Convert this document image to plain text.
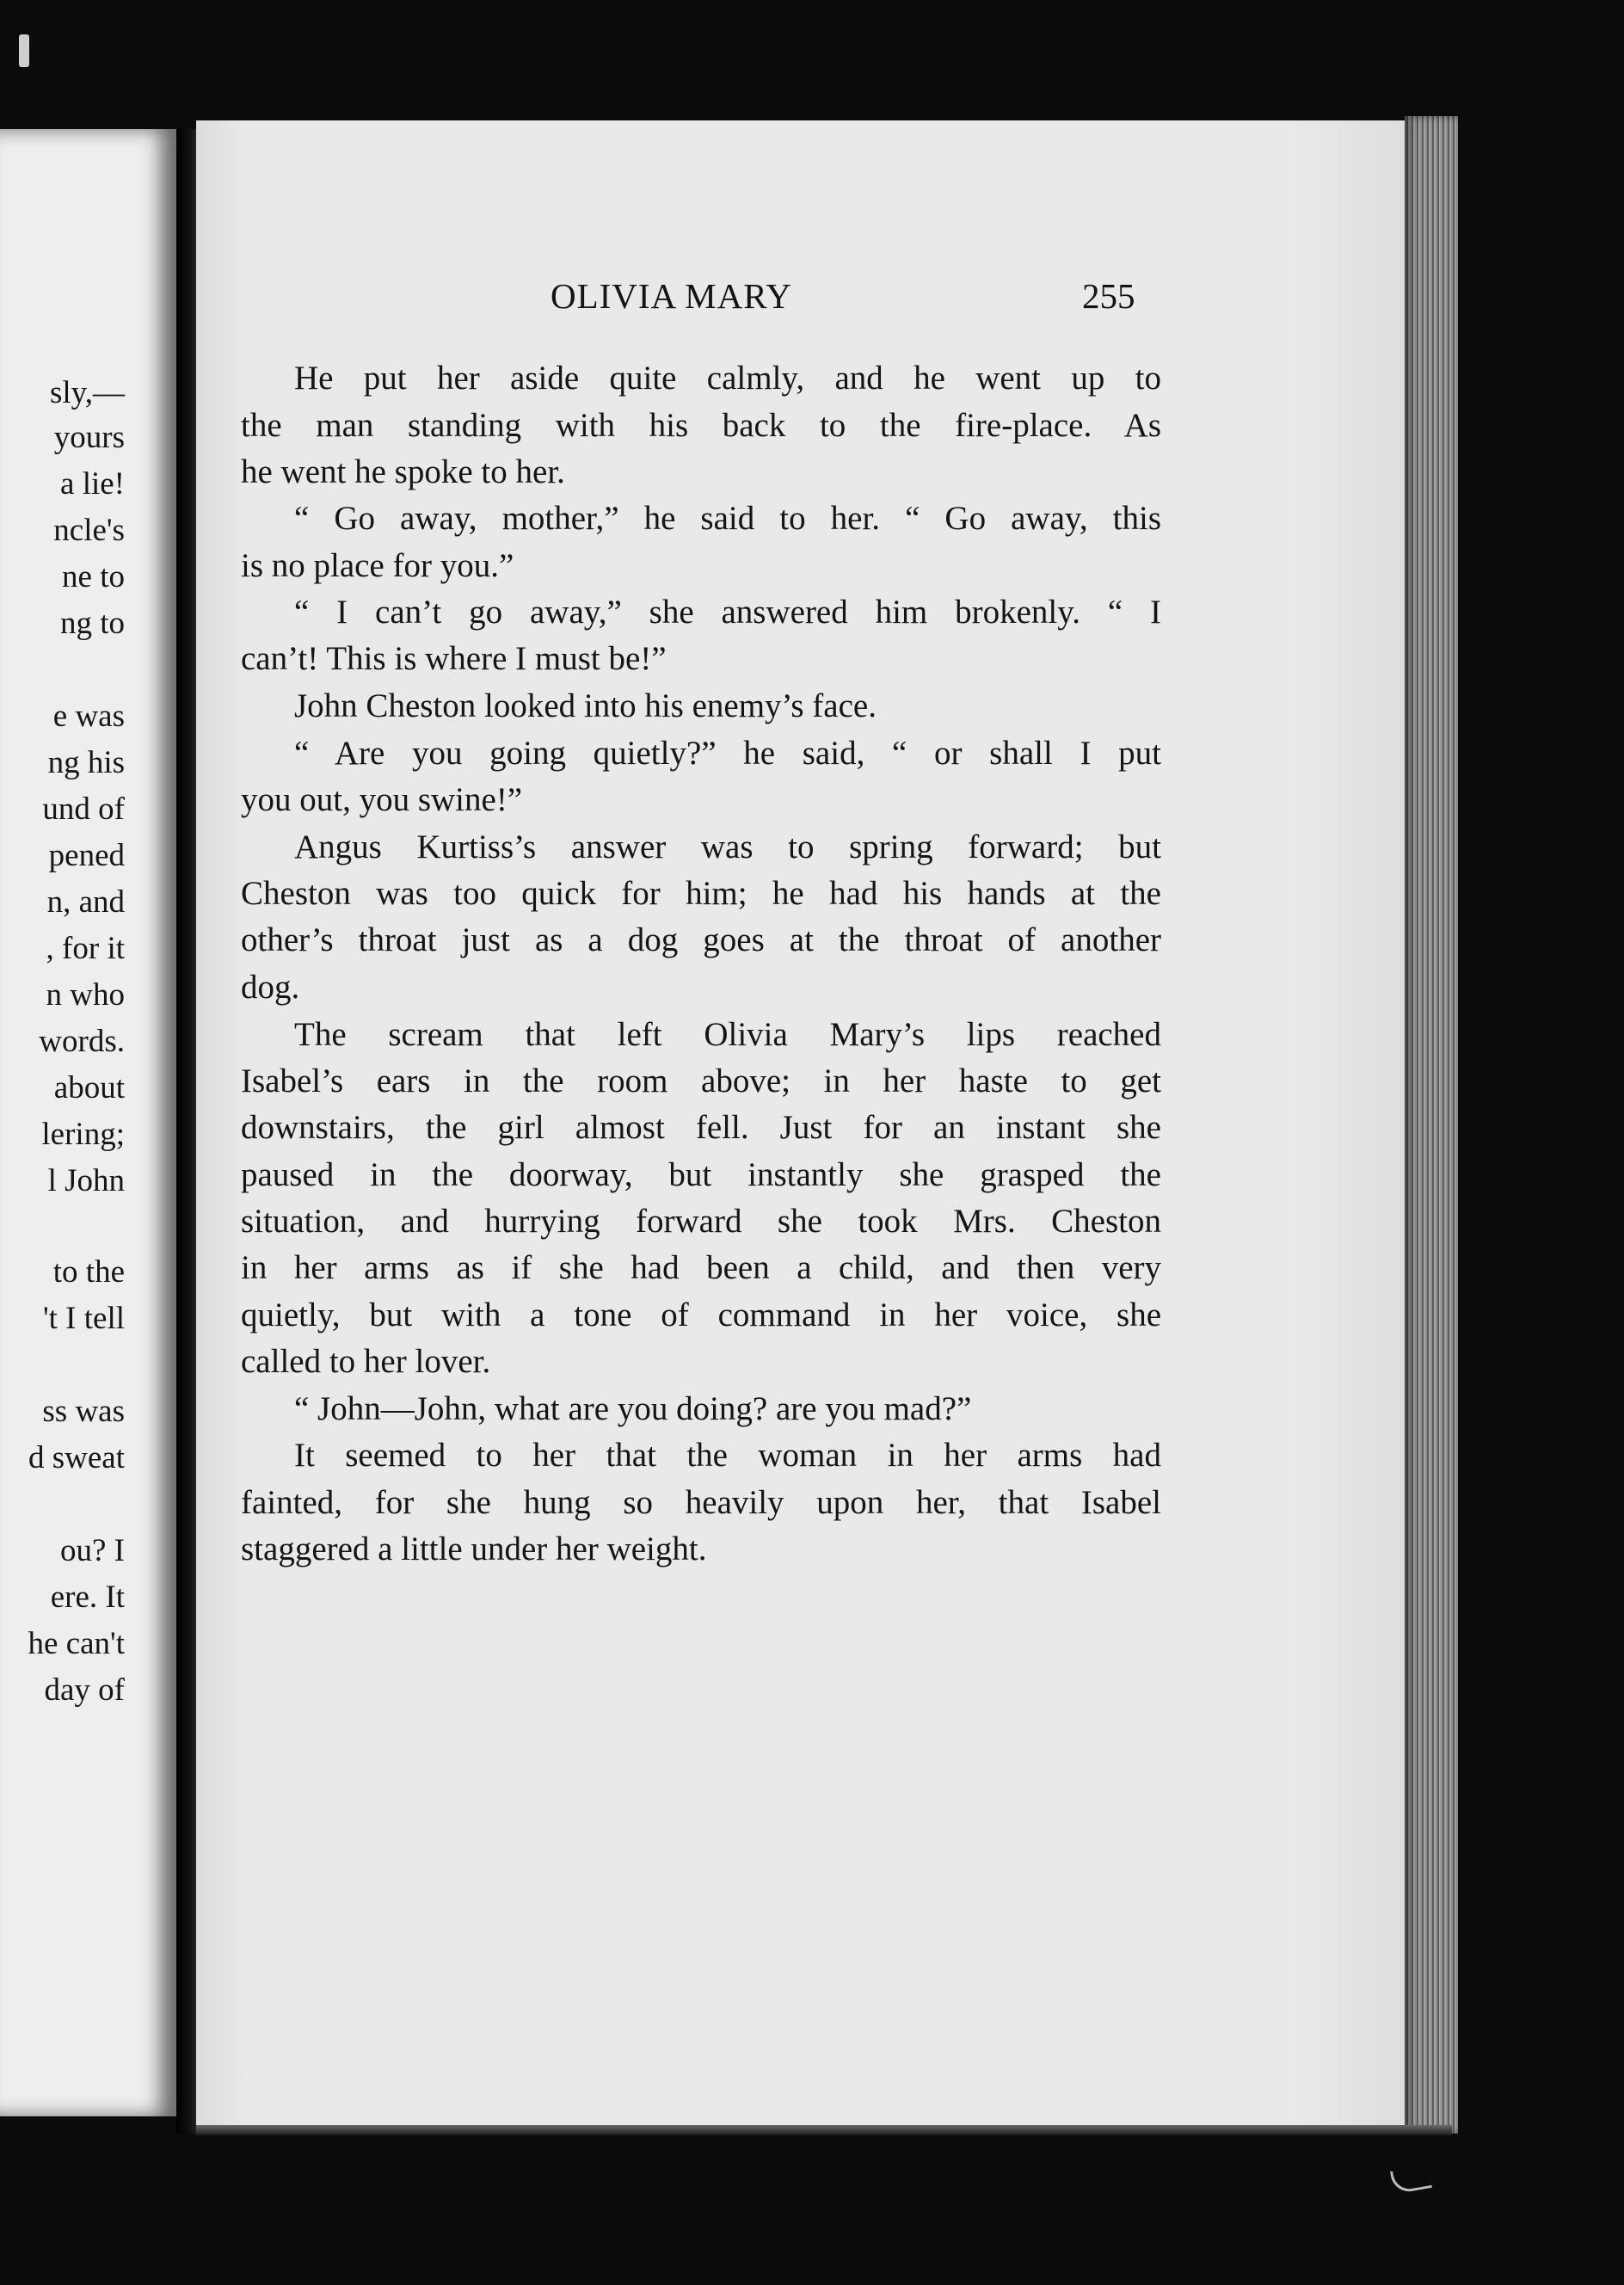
sly,—
yours
a lie!
ncle's
ne to
ng to
e was
ng his
und of
pened
n, and
, for it
n who
words.
about
lering;
l John
to the
't I tell
ss was
d sweat
ou? I
ere. It
he can't
day of
OLIVIA MARY	255
He put her aside quite calmly, and he went up to
the man standing with his back to the fire-place. As
he went he spoke to her.
“ Go away, mother,” he said to her. “ Go away, this
is no place for you.”
“ I can’t go away,” she answered him brokenly. “ I
can’t! This is where I must be!”
John Cheston looked into his enemy’s face.
“ Are you going quietly?” he said, “ or shall I put
you out, you swine!”
Angus Kurtiss’s answer was to spring forward; but
Cheston was too quick for him; he had his hands at the
other’s throat just as a dog goes at the throat of another
dog.
The scream that left Olivia Mary’s lips reached
Isabel’s ears in the room above; in her haste to get
downstairs, the girl almost fell. Just for an instant she
paused in the doorway, but instantly she grasped the
situation, and hurrying forward she took Mrs. Cheston
in her arms as if she had been a child, and then very
quietly, but with a tone of command in her voice, she
called to her lover.
“ John—John, what are you doing? are you mad?”
It seemed to her that the woman in her arms had
fainted, for she hung so heavily upon her, that Isabel
staggered a little under her weight.
